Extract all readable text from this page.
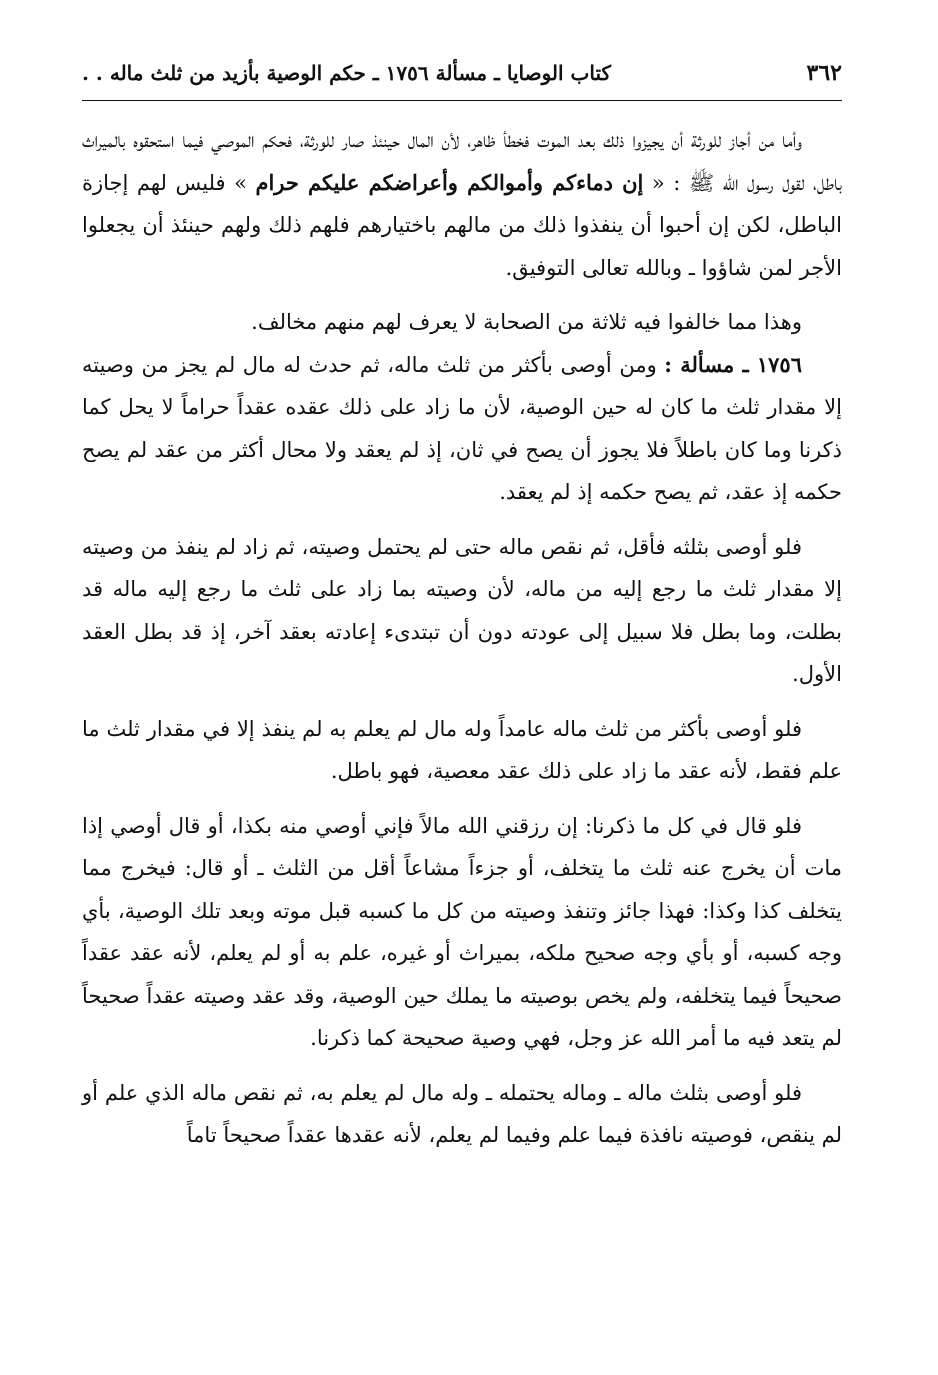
٣٦٢
كتاب الوصايا ـ مسألة ١٧٥٦ ـ حكم الوصية بأزيد من ثلث ماله . .

وأما من أجاز للورثة أن يجيزوا ذلك بعد الموت فخطأ ظاهر، لأن المال حينئذ صار للورثة، فحكم الموصي فيما استحقوه بالميراث باطل، لقول رسول الله ﷺ : « إن دماءكم وأموالكم وأعراضكم عليكم حرام » فليس لهم إجازة الباطل، لكن إن أحبوا أن ينفذوا ذلك من مالهم باختيارهم فلهم ذلك ولهم حينئذ أن يجعلوا الأجر لمن شاؤوا ـ وبالله تعالى التوفيق.

وهذا مما خالفوا فيه ثلاثة من الصحابة لا يعرف لهم منهم مخالف.

١٧٥٦ ـ مسألة : ومن أوصى بأكثر من ثلث ماله، ثم حدث له مال لم يجز من وصيته إلا مقدار ثلث ما كان له حين الوصية، لأن ما زاد على ذلك عقده عقداً حراماً لا يحل كما ذكرنا وما كان باطلاً فلا يجوز أن يصح في ثان، إذ لم يعقد ولا محال أكثر من عقد لم يصح حكمه إذ عقد، ثم يصح حكمه إذ لم يعقد.

فلو أوصى بثلثه فأقل، ثم نقص ماله حتى لم يحتمل وصيته، ثم زاد لم ينفذ من وصيته إلا مقدار ثلث ما رجع إليه من ماله، لأن وصيته بما زاد على ثلث ما رجع إليه ماله قد بطلت، وما بطل فلا سبيل إلى عودته دون أن تبتدىء إعادته بعقد آخر، إذ قد بطل العقد الأول.

فلو أوصى بأكثر من ثلث ماله عامداً وله مال لم يعلم به لم ينفذ إلا في مقدار ثلث ما علم فقط، لأنه عقد ما زاد على ذلك عقد معصية، فهو باطل.

فلو قال في كل ما ذكرنا: إن رزقني الله مالاً فإني أوصي منه بكذا، أو قال أوصي إذا مات أن يخرج عنه ثلث ما يتخلف، أو جزءاً مشاعاً أقل من الثلث ـ أو قال: فيخرج مما يتخلف كذا وكذا: فهذا جائز وتنفذ وصيته من كل ما كسبه قبل موته وبعد تلك الوصية، بأي وجه كسبه، أو بأي وجه صحيح ملكه، بميراث أو غيره، علم به أو لم يعلم، لأنه عقد عقداً صحيحاً فيما يتخلفه، ولم يخص بوصيته ما يملك حين الوصية، وقد عقد وصيته عقداً صحيحاً لم يتعد فيه ما أمر الله عز وجل، فهي وصية صحيحة كما ذكرنا.

فلو أوصى بثلث ماله ـ وماله يحتمله ـ وله مال لم يعلم به، ثم نقص ماله الذي علم أو لم ينقص، فوصيته نافذة فيما علم وفيما لم يعلم، لأنه عقدها عقداً صحيحاً تاماً
